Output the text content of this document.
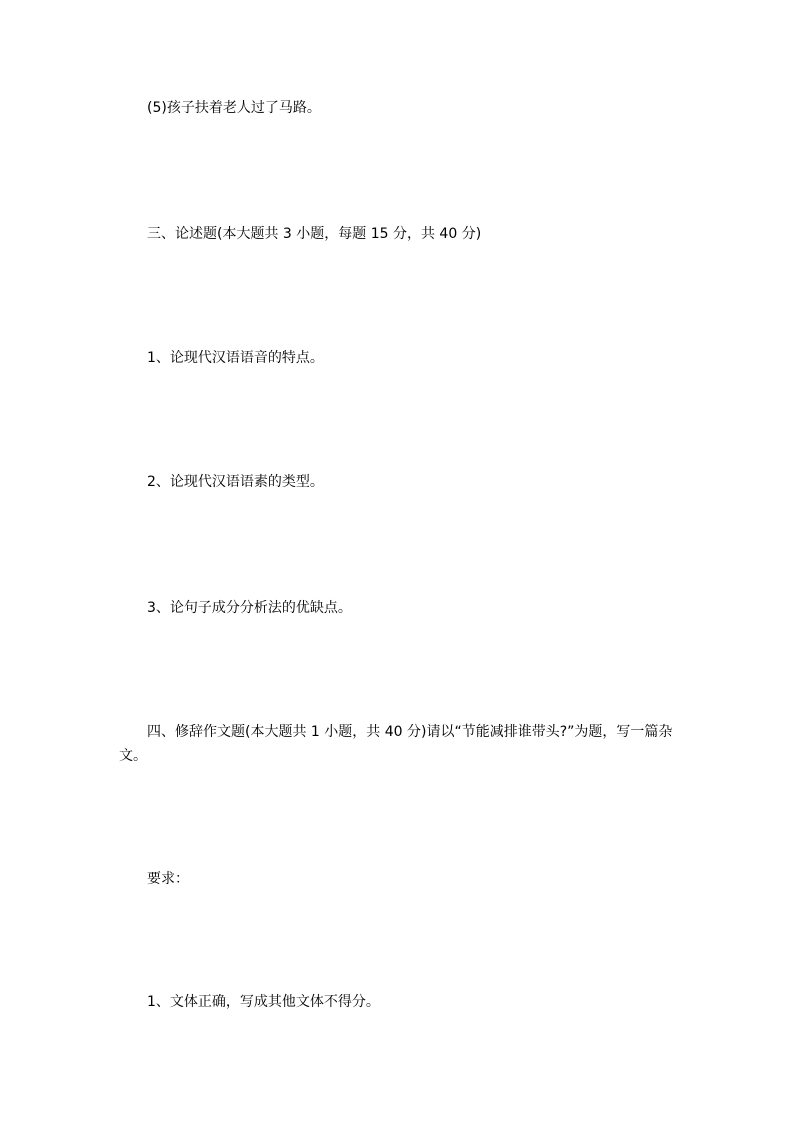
(5)孩子扶着老人过了马路。

三、论述题(本大题共 3 小题，每题 15 分，共 40 分)

1、论现代汉语语音的特点。

2、论现代汉语语素的类型。

3、论句子成分分析法的优缺点。

四、修辞作文题(本大题共 1 小题，共 40 分)请以“节能减排谁带头?”为题，写一篇杂文。

要求：

1、文体正确，写成其他文体不得分。
